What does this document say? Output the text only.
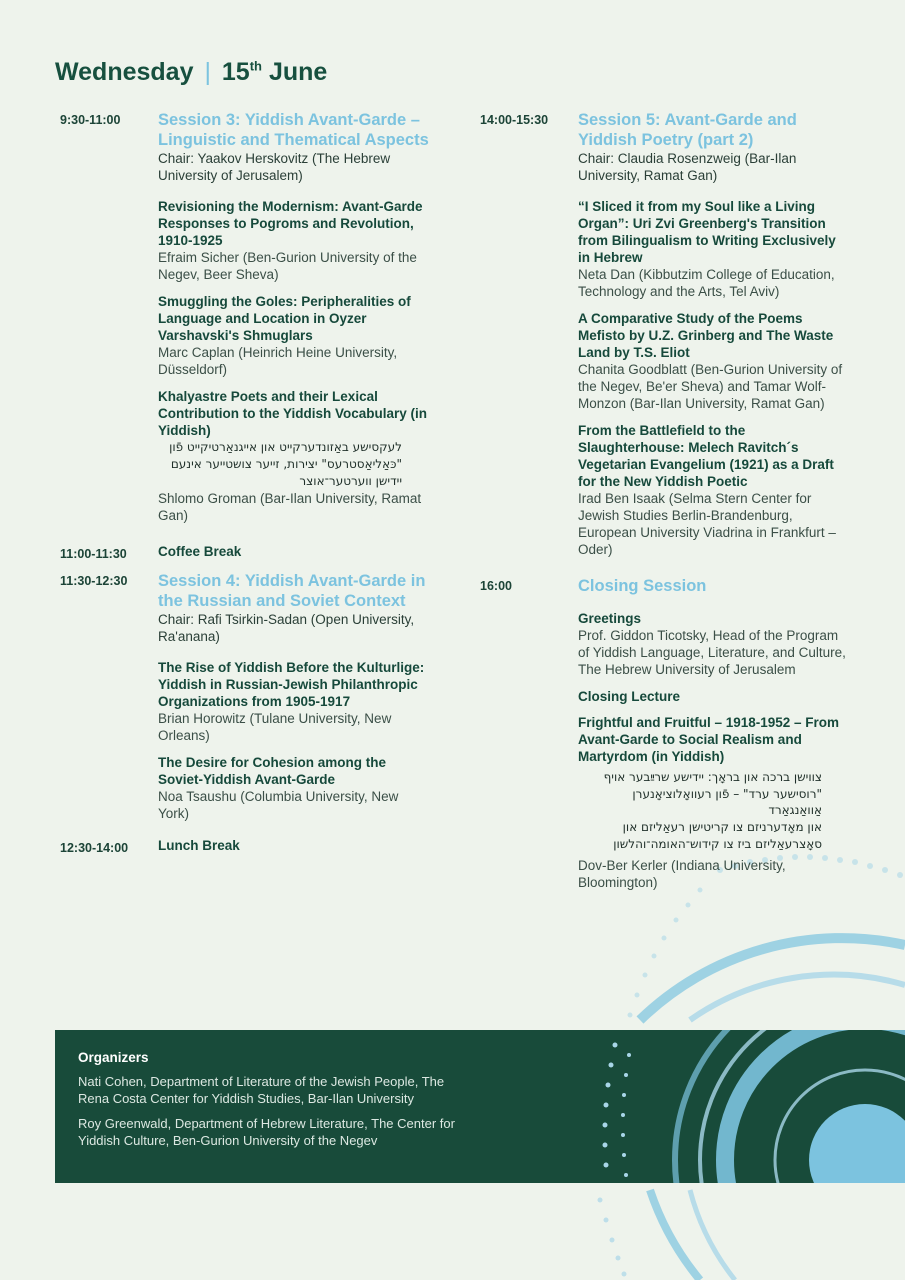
Wednesday | 15th June
9:30-11:00	Session 3: Yiddish Avant-Garde – Linguistic and Thematical Aspects
Chair: Yaakov Herskovitz (The Hebrew University of Jerusalem)
Revisioning the Modernism: Avant-Garde Responses to Pogroms and Revolution, 1910-1925
Efraim Sicher (Ben-Gurion University of the Negev, Beer Sheva)
Smuggling the Goles: Peripheralities of Language and Location in Oyzer Varshavski's Shmuglars
Marc Caplan (Heinrich Heine University, Düsseldorf)
Khalyastre Poets and their Lexical Contribution to the Yiddish Vocabulary (in Yiddish)
לעקסישע באַזונדערקייט און אייגנאַרטיקייט פֿון
"כּאַליאַסטרעס" יצירות, זייער צושטייער אינעם
יידישן ווערטער־אוצר
Shlomo Groman (Bar-Ilan University, Ramat Gan)
11:00-11:30	Coffee Break
11:30-12:30	Session 4: Yiddish Avant-Garde in the Russian and Soviet Context
Chair: Rafi Tsirkin-Sadan (Open University, Ra'anana)
The Rise of Yiddish Before the Kulturlige: Yiddish in Russian-Jewish Philanthropic Organizations from 1905-1917
Brian Horowitz (Tulane University, New Orleans)
The Desire for Cohesion among the Soviet-Yiddish Avant-Garde
Noa Tsaushu (Columbia University, New York)
12:30-14:00	Lunch Break
14:00-15:30	Session 5: Avant-Garde and Yiddish Poetry (part 2)
Chair: Claudia Rosenzweig (Bar-Ilan University, Ramat Gan)
“I Sliced it from my Soul like a Living Organ”: Uri Zvi Greenberg's Transition from Bilingualism to Writing Exclusively in Hebrew
Neta Dan (Kibbutzim College of Education, Technology and the Arts, Tel Aviv)
A Comparative Study of the Poems Mefisto by U.Z. Grinberg and The Waste Land by T.S. Eliot
Chanita Goodblatt (Ben-Gurion University of the Negev, Be'er Sheva) and Tamar Wolf-Monzon (Bar-Ilan University, Ramat Gan)
From the Battlefield to the Slaughterhouse: Melech Ravitch´s Vegetarian Evangelium (1921) as a Draft for the New Yiddish Poetic
Irad Ben Isaak (Selma Stern Center for Jewish Studies Berlin-Brandenburg, European University Viadrina in Frankfurt – Oder)
16:00	Closing Session
Greetings
Prof. Giddon Ticotsky, Head of the Program of Yiddish Language, Literature, and Culture, The Hebrew University of Jerusalem
Closing Lecture
Frightful and Fruitful – 1918-1952 – From Avant-Garde to Social Realism and Martyrdom (in Yiddish)
צווישן ברכה און בראָך: יידישע שרײַבער אויף
"רוסישער ערד" – פֿון רעוואָלוציאָנערן אַוואַנגאַרד
און מאָדערניזם צו קריטישן רעאַליזם און
סאָצרעאַליזם ביז צו קידוש־האומה־והלשון
Dov-Ber Kerler (Indiana University, Bloomington)
Organizers
Nati Cohen, Department of Literature of the Jewish People, The Rena Costa Center for Yiddish Studies, Bar-Ilan University
Roy Greenwald, Department of Hebrew Literature, The Center for Yiddish Culture, Ben-Gurion University of the Negev
